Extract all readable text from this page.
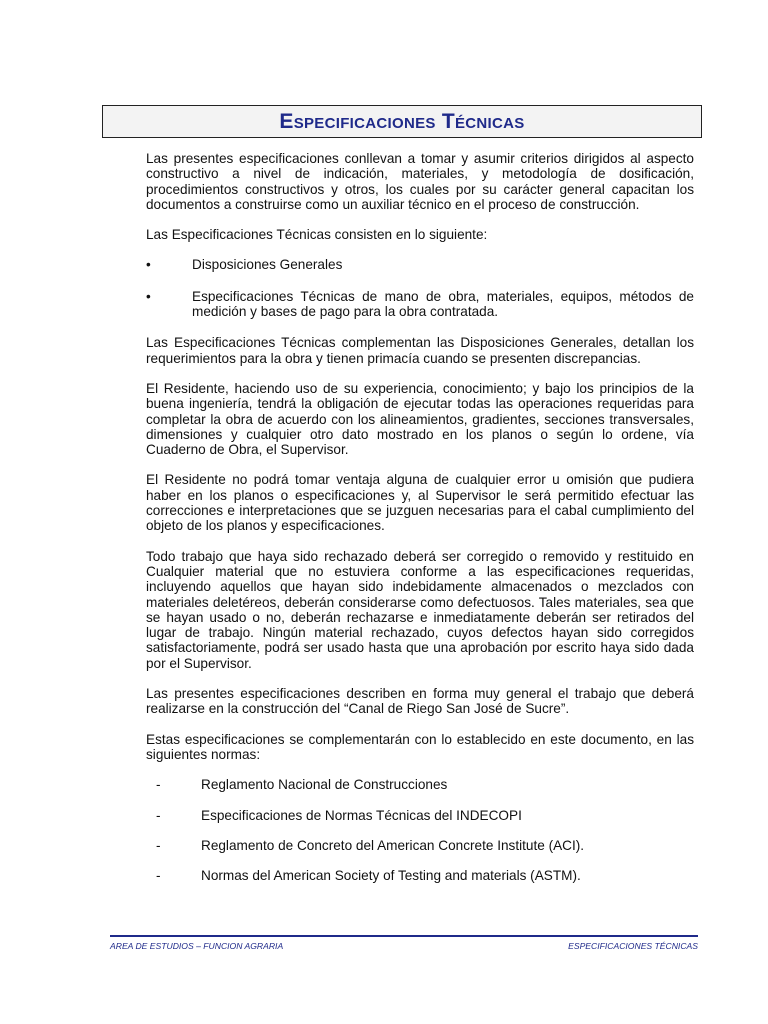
Especificaciones Técnicas

Las presentes especificaciones conllevan a tomar y asumir criterios dirigidos al aspecto constructivo a nivel de indicación, materiales, y metodología de dosificación, procedimientos constructivos y otros, los cuales por su carácter general capacitan los documentos a construirse como un auxiliar técnico en el proceso de construcción.

Las Especificaciones Técnicas consisten en lo siguiente:

•	Disposiciones Generales
•	Especificaciones Técnicas de mano de obra, materiales, equipos, métodos de medición y bases de pago para la obra contratada.

Las Especificaciones Técnicas complementan las Disposiciones Generales, detallan los requerimientos para la obra y tienen primacía cuando se presenten discrepancias.

El Residente, haciendo uso de su experiencia, conocimiento; y bajo los principios de la buena ingeniería, tendrá la obligación de ejecutar todas las operaciones requeridas para completar la obra de acuerdo con los alineamientos, gradientes, secciones transversales, dimensiones y cualquier otro dato mostrado en los planos o según lo ordene, vía Cuaderno de Obra, el Supervisor.

El Residente no podrá tomar ventaja alguna de cualquier error u omisión que pudiera haber en los planos o especificaciones y, al Supervisor le será permitido efectuar las correcciones e interpretaciones que se juzguen necesarias para el cabal cumplimiento del objeto de los planos y especificaciones.

Todo trabajo que haya sido rechazado deberá ser corregido o removido y restituido en Cualquier material que no estuviera conforme a las especificaciones requeridas, incluyendo aquellos que hayan sido indebidamente almacenados o mezclados con materiales deletéreos, deberán considerarse como defectuosos. Tales materiales, sea que se hayan usado o no, deberán rechazarse e inmediatamente deberán ser retirados del lugar de trabajo. Ningún material rechazado, cuyos defectos hayan sido corregidos satisfactoriamente, podrá ser usado hasta que una aprobación por escrito haya sido dada por el Supervisor.

Las presentes especificaciones describen en forma muy general el trabajo que deberá realizarse en la construcción del “Canal de Riego San José de Sucre”.

Estas especificaciones se complementarán con lo establecido en este documento, en las siguientes normas:

-	Reglamento Nacional de Construcciones
-	Especificaciones de Normas Técnicas del INDECOPI
-	Reglamento de Concreto del American Concrete Institute (ACI).
-	Normas del American Society of Testing and materials (ASTM).
AREA DE ESTUDIOS – FUNCION AGRARIA	ESPECIFICACIONES TÉCNICAS
